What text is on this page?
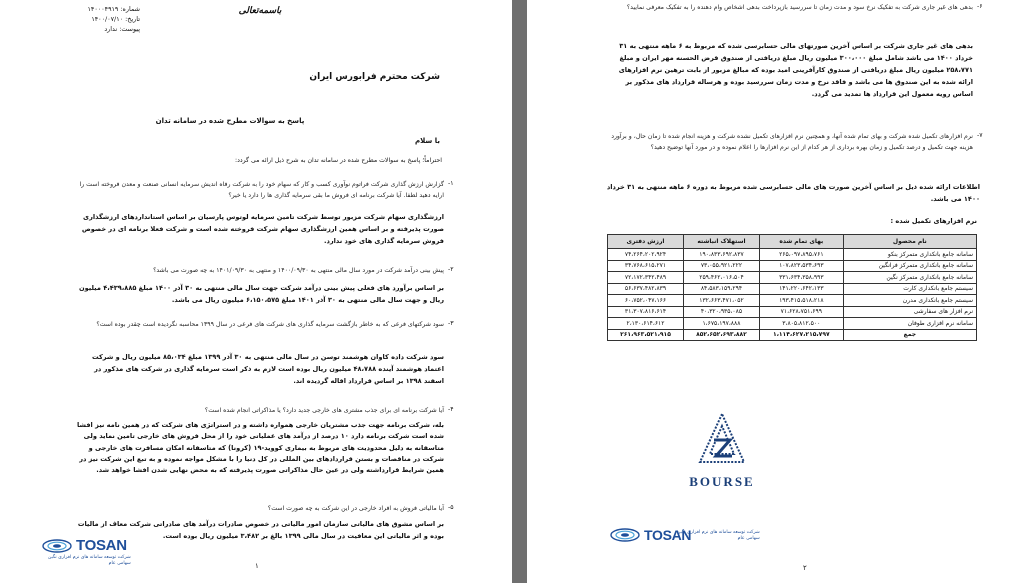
باسمه‌تعالی
شماره: ۱۴۰۰۰۴۹۱۹
تاریخ: ۱۴۰۰/۰۷/۱۰
پیوست: ندارد
شرکت محترم فرابورس ایران
پاسخ به سوالات مطرح شده در سامانه تدان
با سلام
احتراماً؛ پاسخ به سوالات مطرح شده در سامانه تدان به شرح ذیل ارائه می گردد:
-۱
گزارش ارزش گذاری شرکت فراتوم نوآوری کسب و کار که سهام خود را به شرکت رفاه اندیش سرمایه انسانی صنعت و معدن فروخته است را ارایه دهید لطفا. آیا شرکت برنامه ای فروش ما بقی سرمایه گذاری ها را دارد یا خیر؟
ارزشگذاری سهام شرکت مزبور توسط شرکت تامین سرمایه لوتوس پارسیان بر اساس استانداردهای ارزشگذاری صورت پذیرفته و بر اساس همین ارزشگذاری سهام شرکت فروخته شده است و شرکت فعلا برنامه ای در خصوص فروش سرمایه گذاری های خود ندارد.
-۲
پیش بینی درآمد شرکت در مورد سال مالی منتهی به ۱۴۰۰/۰۹/۳۰ و منتهی به ۱۴۰۱/۰۹/۳۰ به چه صورت می باشد؟
بر اساس برآورد های فعلی پیش بینی درآمد شرکت جهت سال مالی منتهی به ۳۰ آذر ۱۴۰۰ مبلغ ۴،۴۳۹،۸۸۵ میلیون ریال و جهت سال مالی منتهی به ۳۰ آذر ۱۴۰۱ مبلغ ۶،۱۵۰،۵۷۵ میلیون ریال می باشد.
-۳
سود شرکتهای فرعی که به خاطر بازگشت سرمایه گذاری های شرکت های فرعی در سال ۱۳۹۹ محاسبه نگردیده است چقدر بوده است؟
سود شرکت داده کاوان هوشمند توسن در سال مالی منتهی به ۳۰ آذر ۱۳۹۹ مبلغ ۸۵،۰۳۴ میلیون ریال و شرکت اعتماد هوشمند آینده ۴۸،۷۸۸ میلیون ریال بوده است لازم به ذکر است سرمایه گذاری در شرکت های مذکور در اسفند ۱۳۹۸ بر اساس قرارداد اقاله گردیده اند.
-۴
آیا شرکت برنامه ای برای جذب مشتری های خارجی جدید دارد؟ یا مذاکراتی انجام شده است؟
بله، شرکت برنامه جهت جذب مشتریان خارجی همواره داشته و در استراتژی های شرکت که در همین نامه نیز افشا شده است شرکت برنامه دارد ۱۰ درصد از درآمد های عملیاتی خود را از محل فروش های خارجی تامین نماید ولی متاسفانه به دلیل محدودیت های مربوط به بیماری کووید-۱۹ (کرونا) که متاسفانه امکان مسافرت های خارجی و شرکت در مناقصات و بستن قراردادهای بین المللی در کل دنیا را با مشکل مواجه نموده و به تبع این شرکت نیز در همین شرایط قرارداشته ولی در عین حال مذاکراتی صورت پذیرفته که به محض نهایی شدن افشا خواهد شد.
-۵
آیا مالیاتی فروش به افراد خارجی در این شرکت به چه صورت است؟
بر اساس مشوق های مالیاتی سازمان امور مالیاتی در خصوص صادرات درآمد های صادراتی شرکت معاف از مالیات بوده و اثر مالیاتی این معافیت در سال مالی ۱۳۹۹ بالغ بر ۳،۴۸۲ میلیون ریال بوده است.
TOSAN
شرکت توسعه سامانه های نرم افزاری نگین
سهامی عام	۱
-۶
بدهی های غیر جاری شرکت به تفکیک نرخ سود و مدت زمان تا سررسید بازپرداخت بدهی اشخاص وام دهنده را به تفکیک معرفی نمایید؟
بدهی های غیر جاری شرکت بر اساس آخرین صورتهای مالی حسابرسی شده که مربوط به ۶ ماهه منتهی به ۳۱ خرداد ۱۴۰۰ می باشد شامل مبلغ ۳۰۰،۰۰۰ میلیون ریال مبلغ دریافتی از صندوق قرض الحسنه مهر ایران و مبلغ ۲۵۸،۷۷۱ میلیون ریال مبلغ دریافتی از صندوق کارآفرینی امید بوده که مبالغ مزبور از بابت ترهین نرم افزارهای ارائه شده به این صندوق ها می باشد و فاقد نرخ و مدت زمان سررسید بوده و هرساله قرارداد های مذکور بر اساس رویه معمول این قرارداد ها تمدید می گردد.
-۷
نرم افزارهای تکمیل شده شرکت و بهای تمام شده آنها، و همچنین نرم افزارهای تکمیل نشده شرکت و هزینه انجام شده تا زمان حال، و برآورد هزینه جهت تکمیل و درصد تکمیل و زمان بهره برداری از هر کدام از این نرم افزارها را اعلام نموده و در مورد آنها توضیح دهید؟
اطلاعات ارائه شده ذیل بر اساس آخرین صورت های مالی حسابرسی شده مربوط به دوره ۶ ماهه منتهی به ۳۱ خرداد ۱۴۰۰ می باشد.
نرم افزارهای تکمیل شده :
نام محصول	بهای تمام شده	استهلاک انباشته	ارزش دفتری
سامانه جامع بانکداری متمرکز بنکو	۲۶۵،۰۹۷،۸۹۵،۷۶۱	۱۹۰،۸۳۳،۶۹۲،۸۳۷	۷۴،۲۶۴،۲۰۲،۹۲۴
سامانه جامع بانکداری متمرکز فرانگین	۱۰۷،۸۲۳،۵۳۴،۶۹۳	۷۳،۰۵۵،۹۲۱،۲۲۲	۳۴،۷۶۸،۶۱۵،۲۷۱
سامانه جامع بانکداری متمرکز نگین	۳۳۱،۶۳۴،۳۵۸،۹۹۳	۲۵۹،۴۶۲،۰۱۶،۵۰۴	۷۲،۱۷۲،۳۴۲،۴۸۹
سیستم جامع بانکداری کارت	۱۴۱،۲۲۰،۶۴۲،۱۳۳	۸۴،۵۸۳،۱۵۹،۲۹۴	۵۶،۶۳۷،۴۸۲،۸۳۹
سیستم جامع بانکداری مدرن	۱۹۳،۴۱۵،۵۱۸،۲۱۸	۱۳۲،۶۶۳،۴۷۱،۰۵۲	۶۰،۷۵۲،۰۴۷،۱۶۶
نرم افزار های سفارشی	۷۱،۶۲۸،۷۵۱،۶۹۹	۴۰،۳۲۰،۹۳۵،۰۸۵	۳۱،۳۰۷،۸۱۶،۶۱۴
سامانه نرم افزاری طوفان	۳،۸۰۵،۸۱۲،۵۰۰	۱،۶۷۵،۱۹۷،۸۸۸	۲،۱۳۰،۶۱۴،۶۱۲
جمع	۱،۱۱۴،۶۲۷،۲۱۵،۷۹۷	۸۵۲،۶۵۲،۶۹۳،۸۸۲	۲۶۱،۹۶۳،۵۲۱،۹۱۵
BOURSE
TOSAN
شرکت توسعه سامانه های نرم افزاری نگین
سهامی عام
۲
